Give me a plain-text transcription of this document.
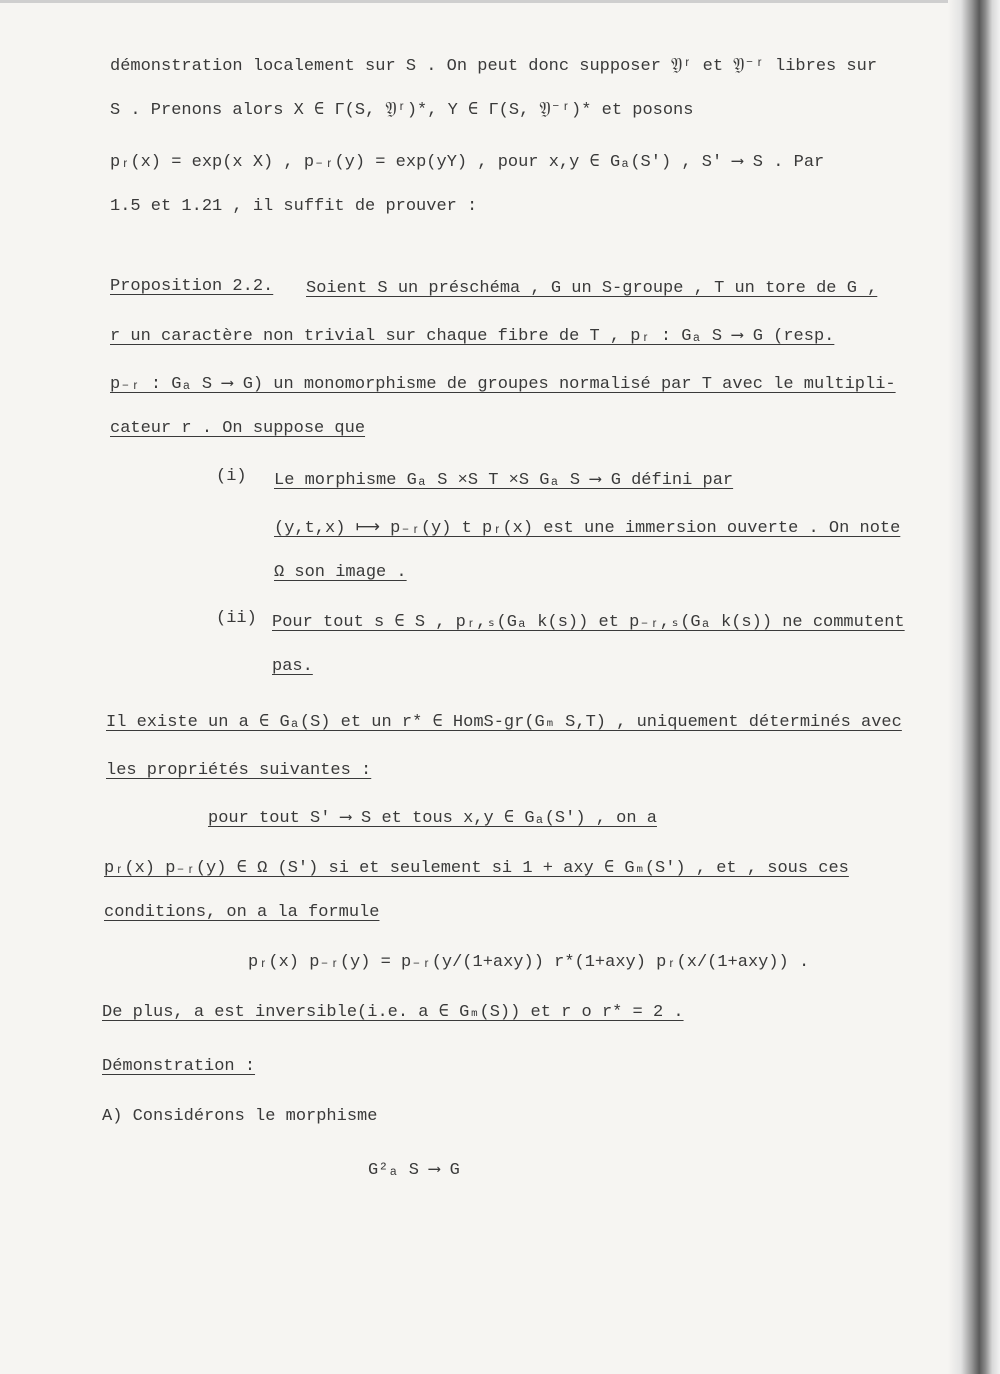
démonstration localement sur S . On peut donc supposer 𝔜ʳ et 𝔜⁻ʳ libres sur
S . Prenons alors X ∈ Γ(S, 𝔜ʳ)*, Y ∈ Γ(S, 𝔜⁻ʳ)* et posons
pᵣ(x) = exp(x X) , p₋ᵣ(y) = exp(yY) , pour x,y ∈ Gₐ(S') , S' ⟶ S . Par
1.5 et 1.21 , il suffit de prouver :
Proposition 2.2. Soient S un préschéma , G un S-groupe , T un tore de G ,
r un caractère non trivial sur chaque fibre de T , pᵣ : Gₐ S ⟶ G (resp.
p₋ᵣ : Gₐ S ⟶ G) un monomorphisme de groupes normalisé par T avec le multipli-
cateur r . On suppose que
(i) Le morphisme Gₐ S ×S T ×S Gₐ S ⟶ G défini par
(y,t,x) ⟼ p₋ᵣ(y) t pᵣ(x) est une immersion ouverte . On note
Ω son image .
(ii) Pour tout s ∈ S , pᵣ,ₛ(Gₐ k(s)) et p₋ᵣ,ₛ(Gₐ k(s)) ne commutent
pas.
Il existe un a ∈ Gₐ(S) et un r* ∈ HomS-gr(Gₘ S,T) , uniquement déterminés avec
les propriétés suivantes :
pour tout S' ⟶ S et tous x,y ∈ Gₐ(S') , on a
pᵣ(x) p₋ᵣ(y) ∈ Ω (S') si et seulement si 1 + axy ∈ Gₘ(S') , et , sous ces
conditions, on a la formule
pᵣ(x) p₋ᵣ(y) = p₋ᵣ(y/(1+axy)) r*(1+axy) pᵣ(x/(1+axy)) .
De plus, a est inversible(i.e. a ∈ Gₘ(S)) et r o r* = 2 .
Démonstration :
A) Considérons le morphisme
G²ₐ S ⟶ G
